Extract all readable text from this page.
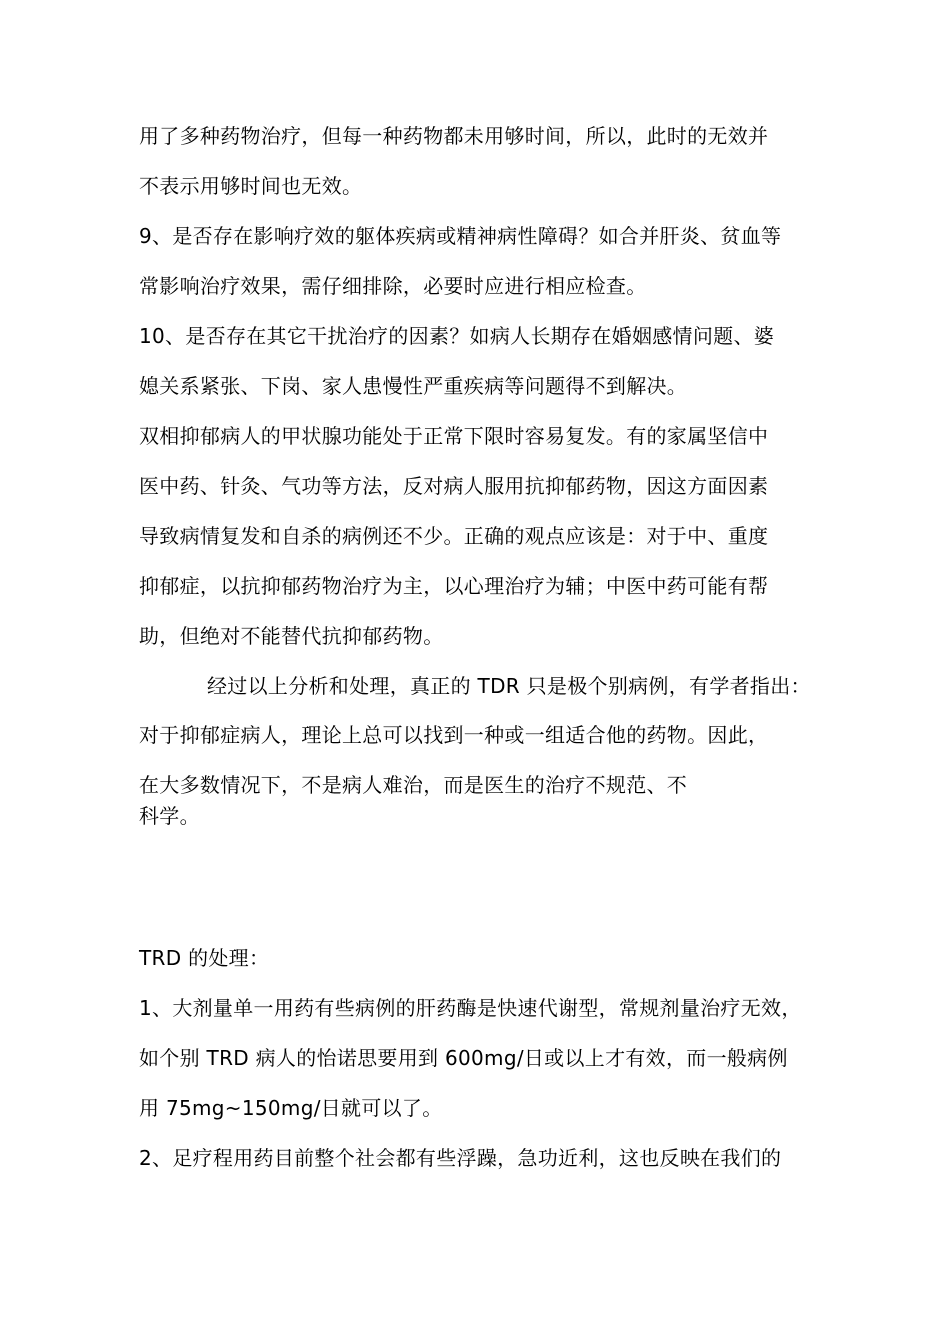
用了多种药物治疗，但每一种药物都未用够时间，所以，此时的无效并
不表示用够时间也无效。
9、是否存在影响疗效的躯体疾病或精神病性障碍？如合并肝炎、贫血等
常影响治疗效果，需仔细排除，必要时应进行相应检查。
10、是否存在其它干扰治疗的因素？如病人长期存在婚姻感情问题、婆
媳关系紧张、下岗、家人患慢性严重疾病等问题得不到解决。
双相抑郁病人的甲状腺功能处于正常下限时容易复发。有的家属坚信中
医中药、针灸、气功等方法，反对病人服用抗抑郁药物，因这方面因素
导致病情复发和自杀的病例还不少。正确的观点应该是：对于中、重度
抑郁症，以抗抑郁药物治疗为主，以心理治疗为辅；中医中药可能有帮
助，但绝对不能替代抗抑郁药物。
经过以上分析和处理，真正的 TDR 只是极个别病例，有学者指出：
对于抑郁症病人，理论上总可以找到一种或一组适合他的药物。因此，
在大多数情况下，不是病人难治，而是医生的治疗不规范、不
科学。
TRD 的处理：
1、大剂量单一用药有些病例的肝药酶是快速代谢型，常规剂量治疗无效，
如个别 TRD 病人的怡诺思要用到 600mg/日或以上才有效，而一般病例
用 75mg~150mg/日就可以了。
2、足疗程用药目前整个社会都有些浮躁，急功近利，这也反映在我们的
